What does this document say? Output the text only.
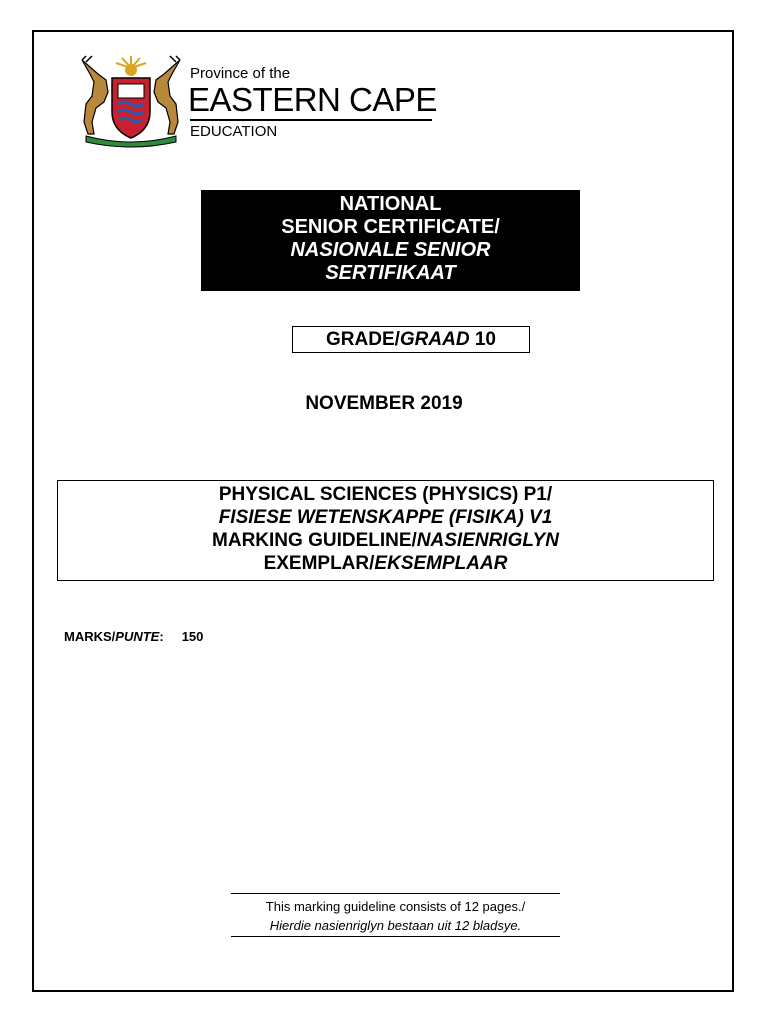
Province of the
EASTERN CAPE
EDUCATION
NATIONAL
SENIOR CERTIFICATE/
NASIONALE SENIOR
SERTIFIKAAT
GRADE/GRAAD 10
NOVEMBER 2019
PHYSICAL SCIENCES (PHYSICS) P1/
FISIESE WETENSKAPPE (FISIKA) V1
MARKING GUIDELINE/NASIENRIGLYN
EXEMPLAR/EKSEMPLAAR
MARKS/PUNTE: 150
This marking guideline consists of 12 pages./
Hierdie nasienriglyn bestaan uit 12 bladsye.
